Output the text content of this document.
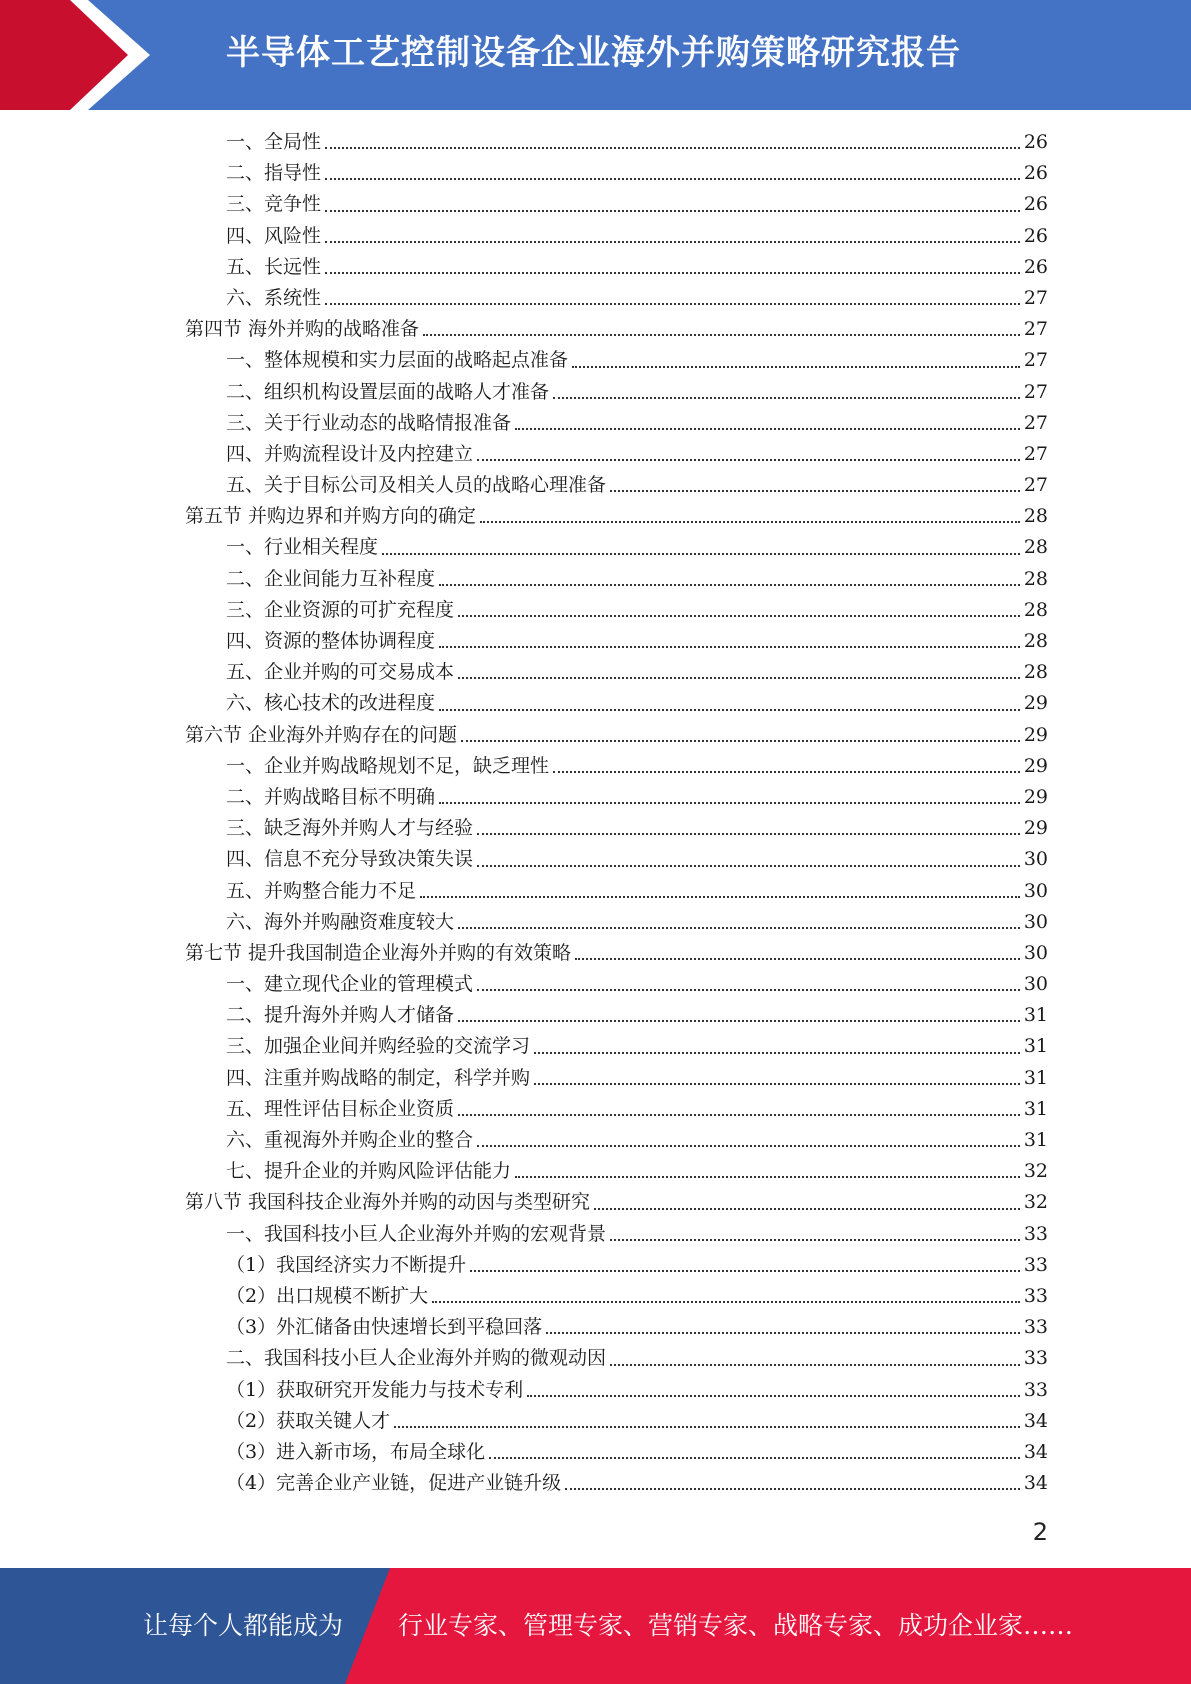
半导体工艺控制设备企业海外并购策略研究报告
一、全局性	26
二、指导性	26
三、竞争性	26
四、风险性	26
五、长远性	26
六、系统性	27
第四节 海外并购的战略准备	27
一、整体规模和实力层面的战略起点准备	27
二、组织机构设置层面的战略人才准备	27
三、关于行业动态的战略情报准备	27
四、并购流程设计及内控建立	27
五、关于目标公司及相关人员的战略心理准备	27
第五节 并购边界和并购方向的确定	28
一、行业相关程度	28
二、企业间能力互补程度	28
三、企业资源的可扩充程度	28
四、资源的整体协调程度	28
五、企业并购的可交易成本	28
六、核心技术的改进程度	29
第六节 企业海外并购存在的问题	29
一、企业并购战略规划不足，缺乏理性	29
二、并购战略目标不明确	29
三、缺乏海外并购人才与经验	29
四、信息不充分导致决策失误	30
五、并购整合能力不足	30
六、海外并购融资难度较大	30
第七节 提升我国制造企业海外并购的有效策略	30
一、建立现代企业的管理模式	30
二、提升海外并购人才储备	31
三、加强企业间并购经验的交流学习	31
四、注重并购战略的制定，科学并购	31
五、理性评估目标企业资质	31
六、重视海外并购企业的整合	31
七、提升企业的并购风险评估能力	32
第八节 我国科技企业海外并购的动因与类型研究	32
一、我国科技小巨人企业海外并购的宏观背景	33
（1）我国经济实力不断提升	33
（2）出口规模不断扩大	33
（3）外汇储备由快速增长到平稳回落	33
二、我国科技小巨人企业海外并购的微观动因	33
（1）获取研究开发能力与技术专利	33
（2）获取关键人才	34
（3）进入新市场，布局全球化	34
（4）完善企业产业链，促进产业链升级	34
2
让每个人都能成为 行业专家、管理专家、营销专家、战略专家、成功企业家……
